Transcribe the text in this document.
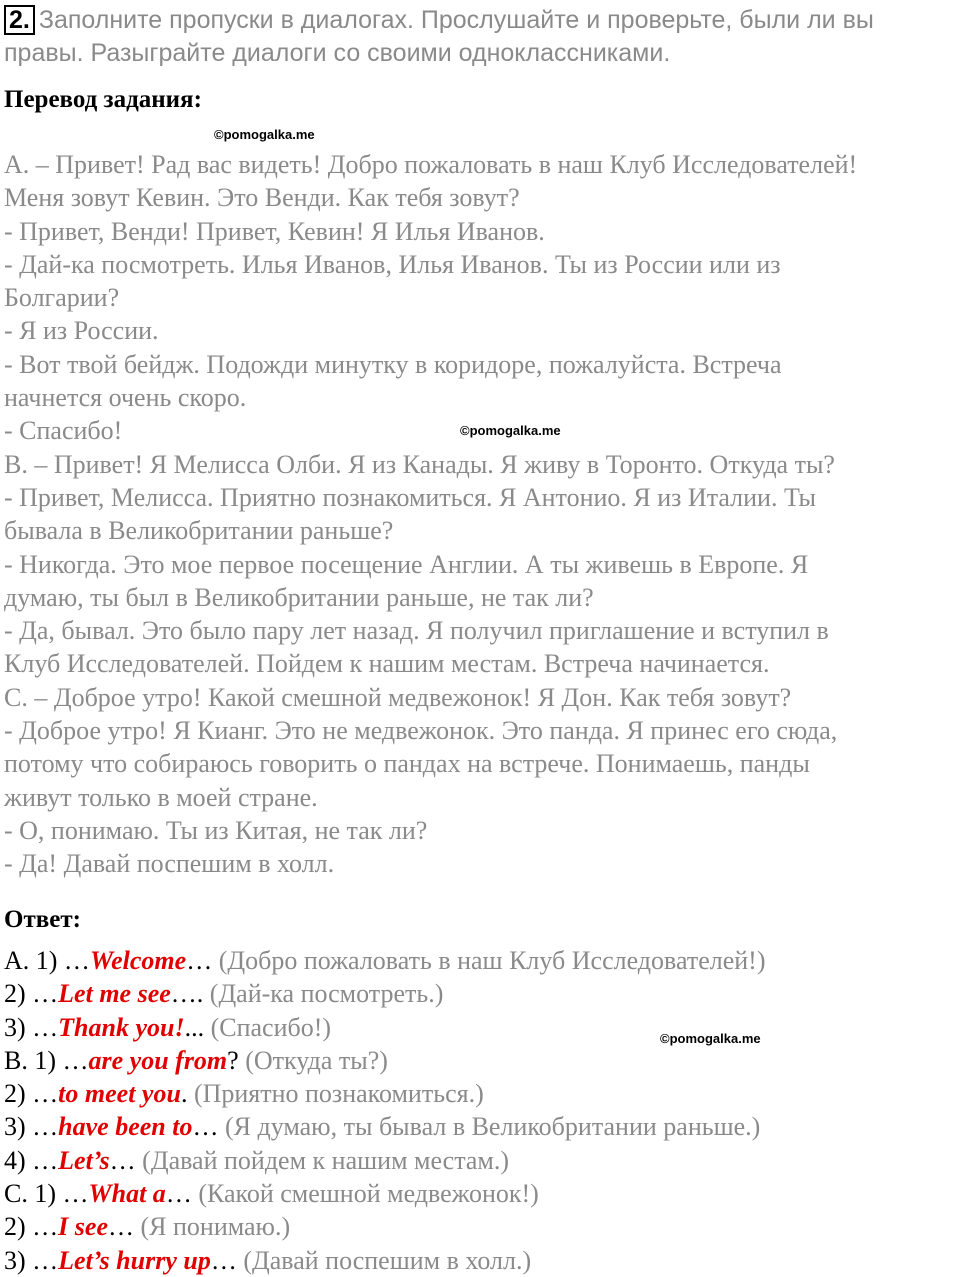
2. Заполните пропуски в диалогах. Прослушайте и проверьте, были ли вы правы. Разыграйте диалоги со своими одноклассниками.
Перевод задания:
©pomogalka.me
©pomogalka.me
©pomogalka.me
A. – Привет! Рад вас видеть! Добро пожаловать в наш Клуб Исследователей!
Меня зовут Кевин. Это Венди. Как тебя зовут?
- Привет, Венди! Привет, Кевин! Я Илья Иванов.
- Дай-ка посмотреть. Илья Иванов, Илья Иванов. Ты из России или из
Болгарии?
- Я из России.
- Вот твой бейдж. Подожди минутку в коридоре, пожалуйста. Встреча
начнется очень скоро.
- Спасибо!
B. – Привет! Я Мелисса Олби. Я из Канады. Я живу в Торонто. Откуда ты?
- Привет, Мелисса. Приятно познакомиться. Я Антонио. Я из Италии. Ты
бывала в Великобритании раньше?
- Никогда. Это мое первое посещение Англии. А ты живешь в Европе. Я
думаю, ты был в Великобритании раньше, не так ли?
- Да, бывал. Это было пару лет назад. Я получил приглашение и вступил в
Клуб Исследователей. Пойдем к нашим местам. Встреча начинается.
C. – Доброе утро! Какой смешной медвежонок! Я Дон. Как тебя зовут?
- Доброе утро! Я Кианг. Это не медвежонок. Это панда. Я принес его сюда,
потому что собираюсь говорить о пандах на встрече. Понимаешь, панды
живут только в моей стране.
- О, понимаю. Ты из Китая, не так ли?
- Да! Давай поспешим в холл.
Ответ:
A. 1) …Welcome… (Добро пожаловать в наш Клуб Исследователей!)
2) …Let me see…. (Дай-ка посмотреть.)
3) …Thank you!... (Спасибо!)
B. 1) …are you from? (Откуда ты?)
2) …to meet you. (Приятно познакомиться.)
3) …have been to… (Я думаю, ты бывал в Великобритании раньше.)
4) …Let’s… (Давай пойдем к нашим местам.)
C. 1) …What a… (Какой смешной медвежонок!)
2) …I see… (Я понимаю.)
3) …Let’s hurry up… (Давай поспешим в холл.)
